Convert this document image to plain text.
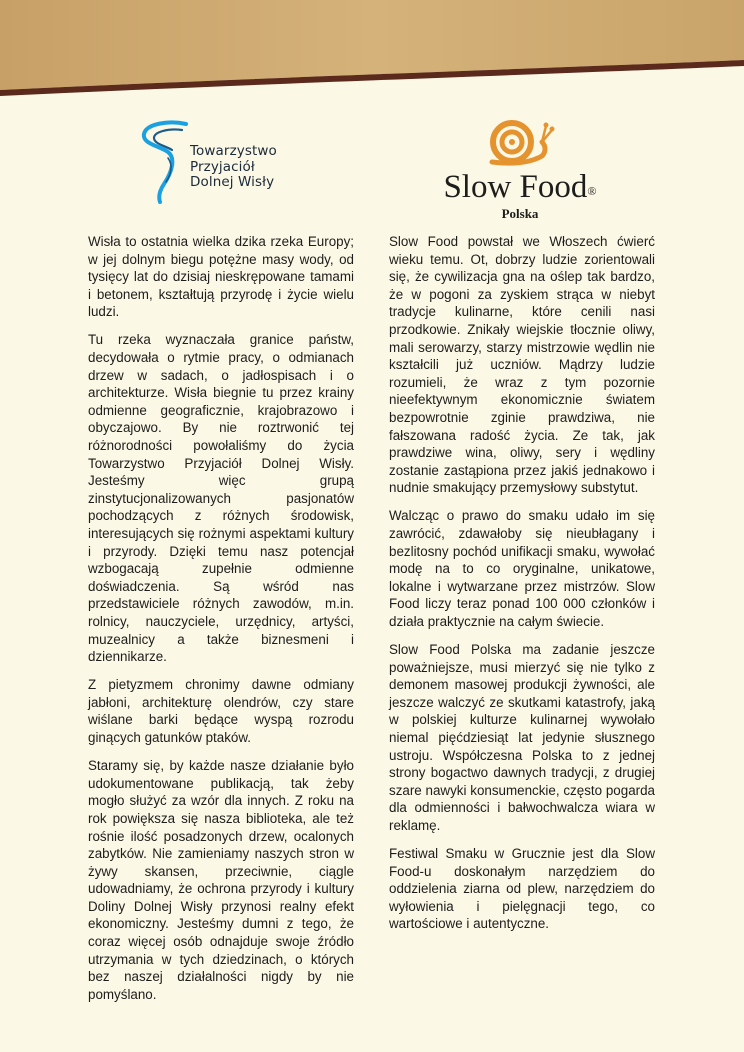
Towarzystwo
Przyjaciół
Dolnej Wisły	Slow Food®
Polska

Wisła to ostatnia wielka dzika rzeka Europy; w jej dolnym biegu potężne masy wody, od tysięcy lat do dzisiaj nieskrępowane tamami i betonem, kształtują przyrodę i życie wielu ludzi.

Tu rzeka wyznaczała granice państw, decydowała o rytmie pracy, o odmianach drzew w sadach, o jadłospisach i o architekturze. Wisła biegnie tu przez krainy odmienne geograficznie, krajobrazowo i obyczajowo. By nie roztrwonić tej różnorodności powołaliśmy do życia Towarzystwo Przyjaciół Dolnej Wisły. Jesteśmy więc grupą zinstytucjonalizowanych pasjonatów pochodzących z różnych środowisk, interesujących się rożnymi aspektami kultury i przyrody. Dzięki temu nasz potencjał wzbogacają zupełnie odmienne doświadczenia. Są wśród nas przedstawiciele różnych zawodów, m.in. rolnicy, nauczyciele, urzędnicy, artyści, muzealnicy a także biznesmeni i dziennikarze.

Z pietyzmem chronimy dawne odmiany jabłoni, architekturę olendrów, czy stare wiślane barki będące wyspą rozrodu ginących gatunków ptaków.

Staramy się, by każde nasze działanie było udokumentowane publikacją, tak żeby mogło służyć za wzór dla innych. Z roku na rok powiększa się nasza biblioteka, ale też rośnie ilość posadzonych drzew, ocalonych zabytków. Nie zamieniamy naszych stron w żywy skansen, przeciwnie, ciągle udowadniamy, że ochrona przyrody i kultury Doliny Dolnej Wisły przynosi realny efekt ekonomiczny. Jesteśmy dumni z tego, że coraz więcej osób odnajduje swoje źródło utrzymania w tych dziedzinach, o których bez naszej działalności nigdy by nie pomyślano.

Slow Food powstał we Włoszech ćwierć wieku temu. Ot, dobrzy ludzie zorientowali się, że cywilizacja gna na oślep tak bardzo, że w pogoni za zyskiem strąca w niebyt tradycje kulinarne, które cenili nasi przodkowie. Znikały wiejskie tłocznie oliwy, mali serowarzy, starzy mistrzowie wędlin nie kształcili już uczniów. Mądrzy ludzie rozumieli, że wraz z tym pozornie nieefektywnym ekonomicznie światem bezpowrotnie zginie prawdziwa, nie fałszowana radość życia. Ze tak, jak prawdziwe wina, oliwy, sery i wędliny zostanie zastąpiona przez jakiś jednakowo i nudnie smakujący przemysłowy substytut.

Walcząc o prawo do smaku udało im się zawrócić, zdawałoby się nieubłagany i bezlitosny pochód unifikacji smaku, wywołać modę na to co oryginalne, unikatowe, lokalne i wytwarzane przez mistrzów. Slow Food liczy teraz ponad 100 000 członków i działa praktycznie na całym świecie.

Slow Food Polska ma zadanie jeszcze poważniejsze, musi mierzyć się nie tylko z demonem masowej produkcji żywności, ale jeszcze walczyć ze skutkami katastrofy, jaką w polskiej kulturze kulinarnej wywołało niemal pięćdziesiąt lat jedynie słusznego ustroju. Współczesna Polska to z jednej strony bogactwo dawnych tradycji, z drugiej szare nawyki konsumenckie, często pogarda dla odmienności i bałwochwalcza wiara w reklamę.

Festiwal Smaku w Grucznie jest dla Slow Food-u doskonałym narzędziem do oddzielenia ziarna od plew, narzędziem do wyłowienia i pielęgnacji tego, co wartościowe i autentyczne.
